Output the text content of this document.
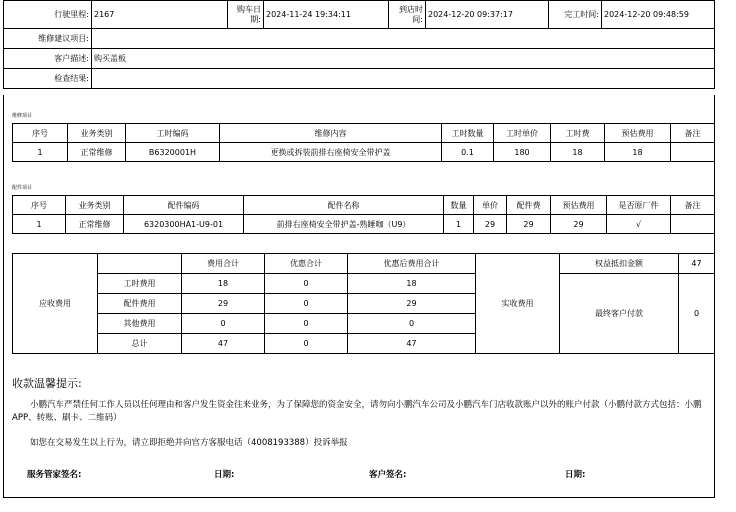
行驶里程:	2167	购车日期:	2024-11-24 19:34:11	到店时间:	2024-12-20 09:37:17	完工时间:	2024-12-20 09:48:59
维修建议项目:							
客户描述:	购买盖板						
检查结果:							
维修项目
序号	业务类别	工时编码	维修内容	工时数量	工时单价	工时费	预估费用	备注
1	正常维修	B6320001H	更换或拆装前排右座椅安全带护盖	0.1	180	18	18	
配件项目
序号	业务类别	配件编码	配件名称	数量	单价	配件费	预估费用	是否原厂件	备注
1	正常维修	6320300HA1-U9-01	前排右座椅安全带护盖-熟睡咖（U9）	1	29	29	29	√	
应收费用		费用合计	优惠合计	优惠后费用合计	实收费用	权益抵扣金额	47
	工时费用	18	0	18		最终客户付款	0
	配件费用	29	0	29			
	其他费用	0	0	0			
	总计	47	0	47			
收款温馨提示:
小鹏汽车严禁任何工作人员以任何理由和客户发生资金往来业务，为了保障您的资金安全，请勿向小鹏汽车公司及小鹏汽车门店收款账户以外的账户付款（小鹏付款方式包括：小鹏APP、转账、刷卡、二维码）
如您在交易发生以上行为，请立即拒绝并向官方客服电话（4008193388）投诉举报
服务管家签名:	日期:	客户签名:	日期:
